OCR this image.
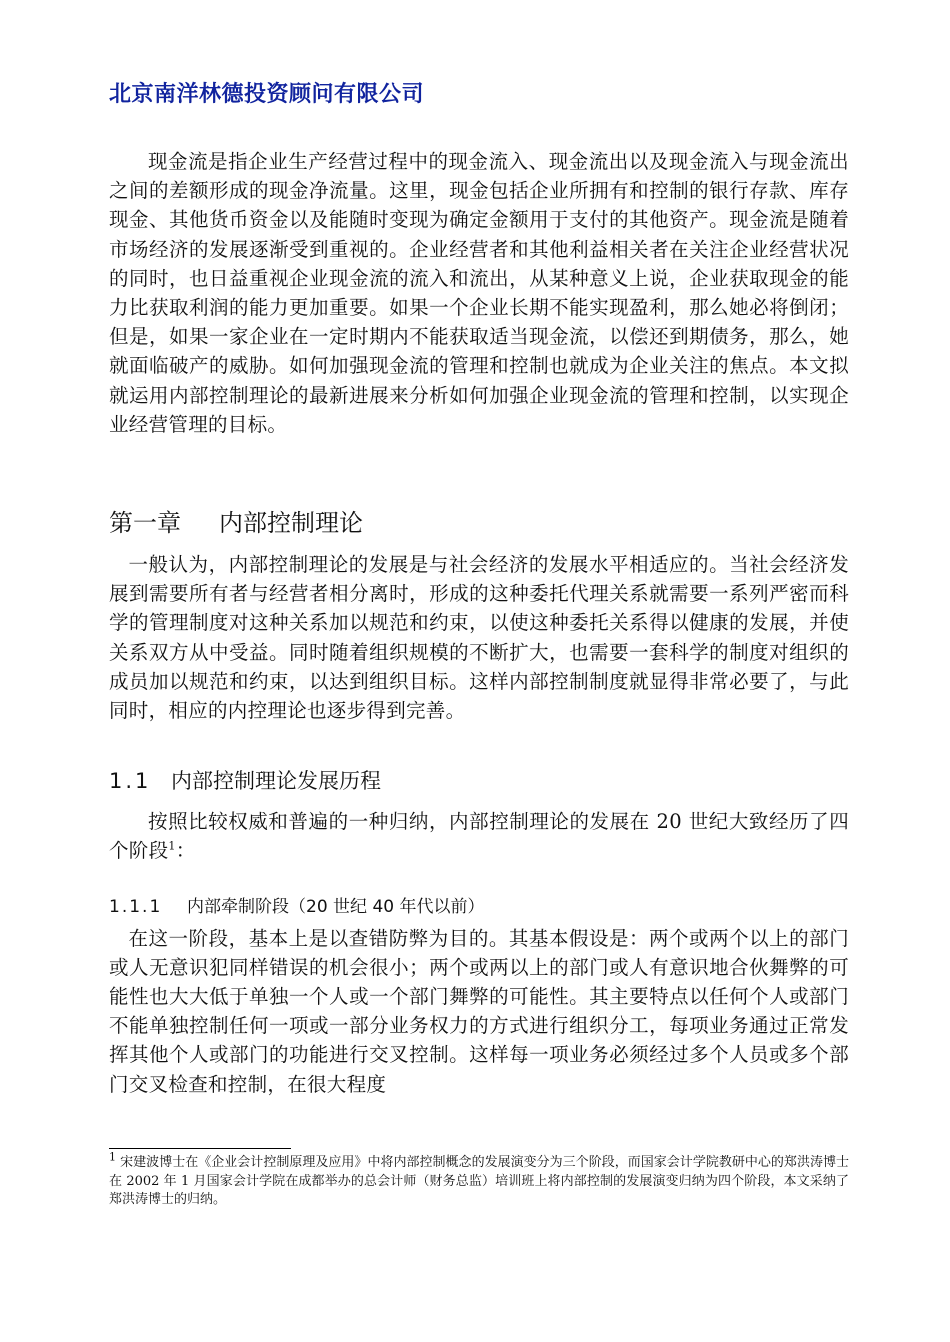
北京南洋林德投资顾问有限公司

现金流是指企业生产经营过程中的现金流入、现金流出以及现金流入与现金流出之间的差额形成的现金净流量。这里，现金包括企业所拥有和控制的银行存款、库存现金、其他货币资金以及能随时变现为确定金额用于支付的其他资产。现金流是随着市场经济的发展逐渐受到重视的。企业经营者和其他利益相关者在关注企业经营状况的同时，也日益重视企业现金流的流入和流出，从某种意义上说，企业获取现金的能力比获取利润的能力更加重要。如果一个企业长期不能实现盈利，那么她必将倒闭；但是，如果一家企业在一定时期内不能获取适当现金流，以偿还到期债务，那么，她就面临破产的威胁。如何加强现金流的管理和控制也就成为企业关注的焦点。本文拟就运用内部控制理论的最新进展来分析如何加强企业现金流的管理和控制，以实现企业经营管理的目标。

第一章 内部控制理论

一般认为，内部控制理论的发展是与社会经济的发展水平相适应的。当社会经济发展到需要所有者与经营者相分离时，形成的这种委托代理关系就需要一系列严密而科学的管理制度对这种关系加以规范和约束，以使这种委托关系得以健康的发展，并使关系双方从中受益。同时随着组织规模的不断扩大，也需要一套科学的制度对组织的成员加以规范和约束，以达到组织目标。这样内部控制制度就显得非常必要了，与此同时，相应的内控理论也逐步得到完善。

1.1 内部控制理论发展历程

按照比较权威和普遍的一种归纳，内部控制理论的发展在 20 世纪大致经历了四个阶段$^1$：

1.1.1 内部牵制阶段（20 世纪 40 年代以前）

在这一阶段，基本上是以查错防弊为目的。其基本假设是：两个或两个以上的部门或人无意识犯同样错误的机会很小；两个或两以上的部门或人有意识地合伙舞弊的可能性也大大低于单独一个人或一个部门舞弊的可能性。其主要特点以任何个人或部门不能单独控制任何一项或一部分业务权力的方式进行组织分工，每项业务通过正常发挥其他个人或部门的功能进行交叉控制。这样每一项业务必须经过多个人员或多个部门交叉检查和控制，在很大程度

$^1$ 宋建波博士在《企业会计控制原理及应用》中将内部控制概念的发展演变分为三个阶段，而国家会计学院教研中心的郑洪涛博士在 2002 年 1 月国家会计学院在成都举办的总会计师（财务总监）培训班上将内部控制的发展演变归纳为四个阶段，本文采纳了郑洪涛博士的归纳。
